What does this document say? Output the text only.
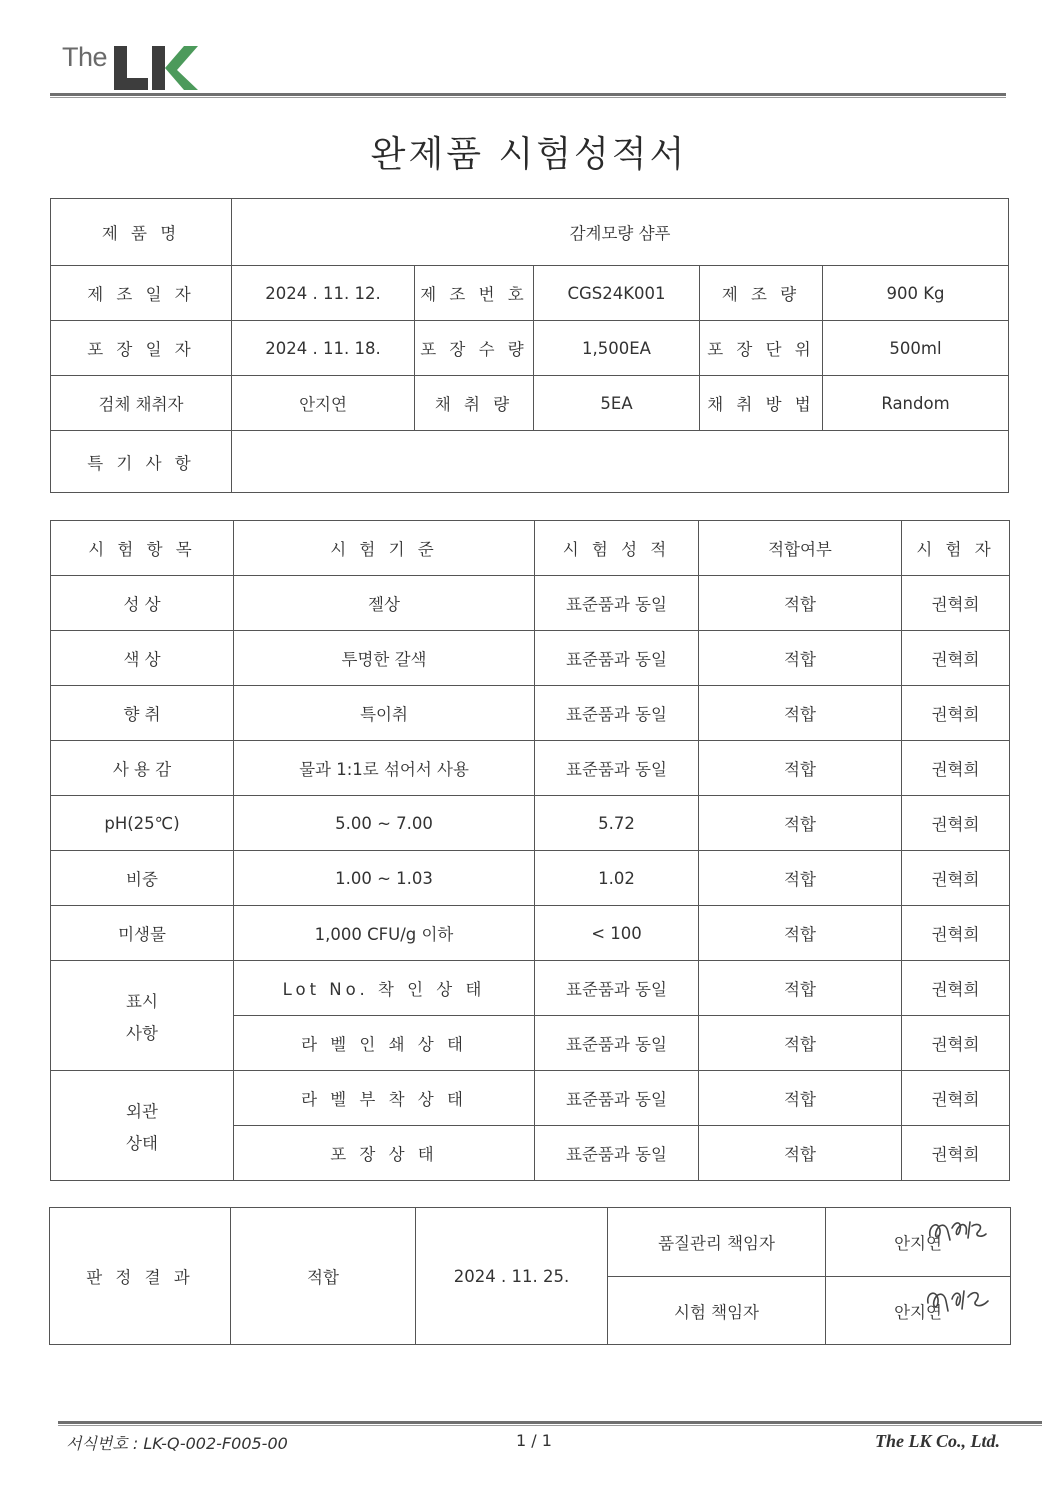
The
완제품 시험성적서
제 품 명	감계모량 샴푸				
제 조 일 자	2024 . 11. 12.	제 조 번 호	CGS24K001	제 조 량	900 Kg
포 장 일 자	2024 . 11. 18.	포 장 수 량	1,500EA	포 장 단 위	500ml
검체 채취자	안지연	채 취 량	5EA	채 취 방 법	Random
특 기 사 항					
시 험 항 목	시 험 기 준	시 험 성 적	적합여부	시 험 자
성 상	젤상	표준품과 동일	적합	권혁희
색 상	투명한 갈색	표준품과 동일	적합	권혁희
향 취	특이취	표준품과 동일	적합	권혁희
사 용 감	물과 1:1로 섞어서 사용	표준품과 동일	적합	권혁희
pH(25℃)	5.00 ~ 7.00	5.72	적합	권혁희
비중	1.00 ~ 1.03	1.02	적합	권혁희
미생물	1,000 CFU/g 이하	< 100	적합	권혁희

표시
사항	Lot No. 착 인 상 태	표준품과 동일	적합	권혁희
	라 벨 인 쇄 상 태	표준품과 동일	적합	권혁희

외관
상태	라 벨 부 착 상 태	표준품과 동일	적합	권혁희
	포 장 상 태	표준품과 동일	적합	권혁희
판 정 결 과	적합	2024 . 11. 25.	품질관리 책임자	안지연

			시험 책임자	안지연
서식번호 : LK-Q-002-F005-00	1 / 1	The LK Co., Ltd.
